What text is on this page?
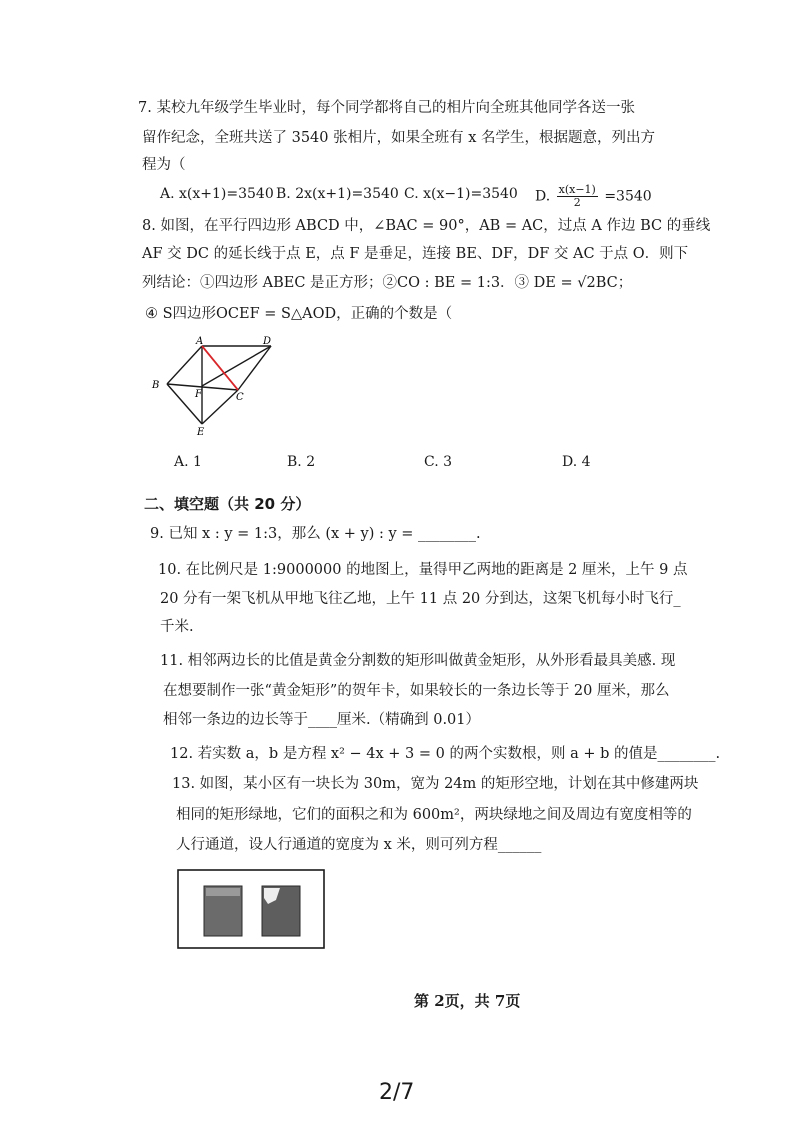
7. 某校九年级学生毕业时，每个同学都将自己的相片向全班其他同学各送一张
留作纪念，全班共送了 3540 张相片，如果全班有 x 名学生，根据题意，列出方
程为（
A. x(x+1)=3540 B. 2x(x+1)=3540 C. x(x−1)=3540 D. $\frac{x(x-1)}{2} =3540$
8. 如图，在平行四边形 ABCD 中，∠BAC = 90°，AB = AC，过点 A 作边 BC 的垂线
AF 交 DC 的延长线于点 E，点 F 是垂足，连接 BE、DF，DF 交 AC 于点 O．则下
列结论：①四边形 ABEC 是正方形；②CO : BE = 1:3．③ DE = √2BC；
④ S四边形OCEF = S△AOD，正确的个数是（
A	D
B
C
F
E
A. 1	B. 2	C. 3	D. 4
二、填空题（共 20 分）
9. 已知 x : y = 1:3，那么 (x + y) : y = ________.
10. 在比例尺是 1:9000000 的地图上，量得甲乙两地的距离是 2 厘米，上午 9 点
20 分有一架飞机从甲地飞往乙地，上午 11 点 20 分到达，这架飞机每小时飞行_
千米.
11. 相邻两边长的比值是黄金分割数的矩形叫做黄金矩形，从外形看最具美感. 现
在想要制作一张“黄金矩形”的贺年卡，如果较长的一条边长等于 20 厘米，那么
相邻一条边的边长等于____厘米.（精确到 0.01）
12. 若实数 a，b 是方程 x² − 4x + 3 = 0 的两个实数根，则 a + b 的值是________.
13. 如图，某小区有一块长为 30m，宽为 24m 的矩形空地，计划在其中修建两块
相同的矩形绿地，它们的面积之和为 600m²，两块绿地之间及周边有宽度相等的
人行通道，设人行通道的宽度为 x 米，则可列方程______
第 2页，共 7页
2/7
